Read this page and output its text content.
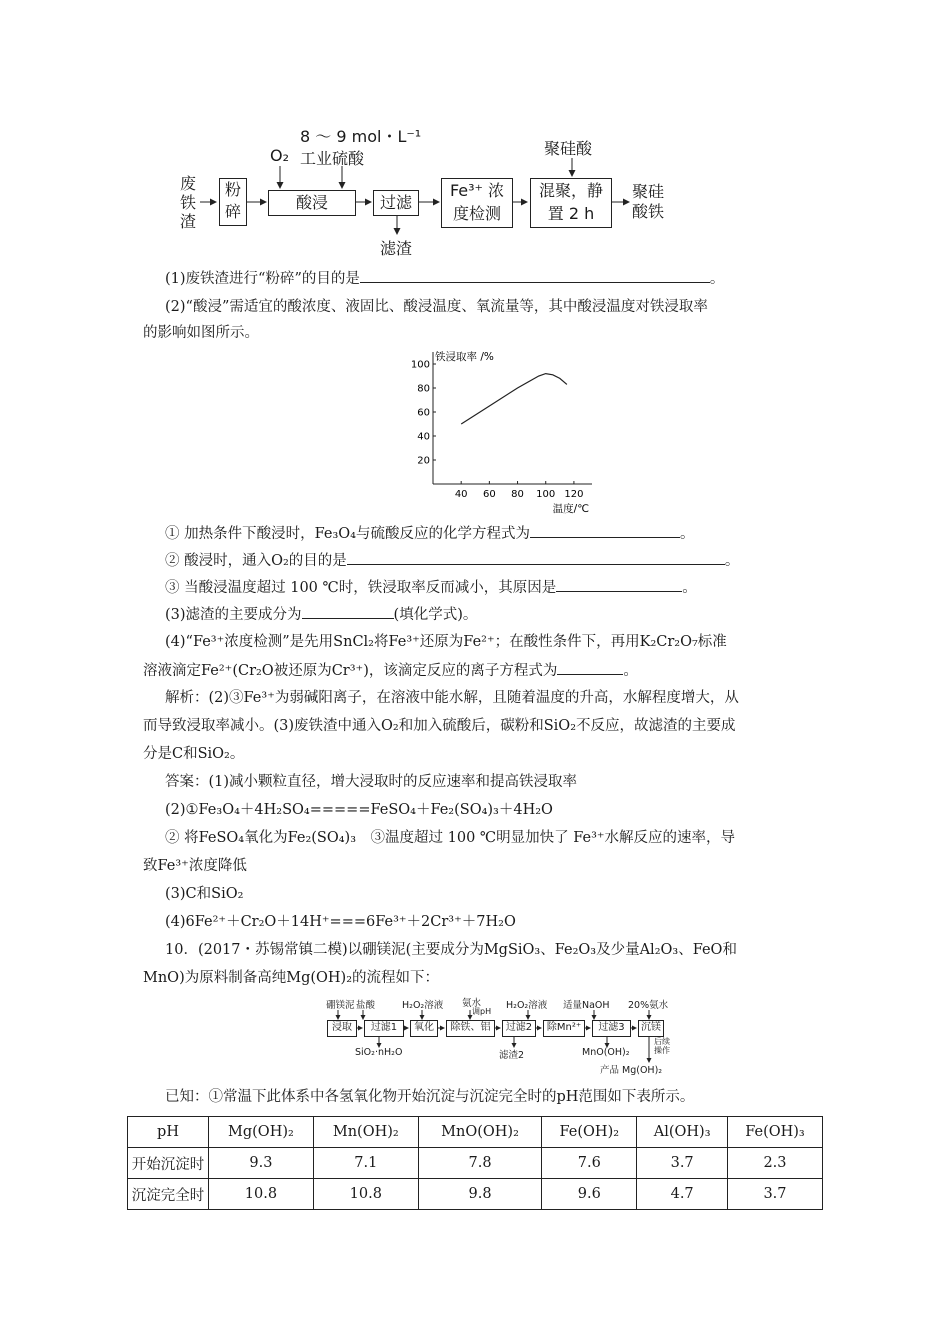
8 ～ 9 mol・L⁻¹
工业硫酸
O₂	聚硅酸
废
铁
渣
粉
碎	酸浸	过滤
滤渣
Fe³⁺ 浓
度检测
混聚，静
置 2 h
聚硅
酸铁
(1)废铁渣进行“粉碎”的目的是	。
(2)“酸浸”需适宜的酸浓度、液固比、酸浸温度、氧流量等，其中酸浸温度对铁浸取率
的影响如图所示。
40 60 80 100 120
20
40
60
80
100
铁浸取率 /%
温度/℃
① 加热条件下酸浸时，Fe₃O₄与硫酸反应的化学方程式为	。
② 酸浸时，通入O₂的目的是	。
③ 当酸浸温度超过 100 ℃时，铁浸取率反而减小，其原因是	。
(3)滤渣的主要成分为	(填化学式)。
(4)“Fe³⁺浓度检测”是先用SnCl₂将Fe³⁺还原为Fe²⁺；在酸性条件下，再用K₂Cr₂O₇标准
溶液滴定Fe²⁺(Cr₂O被还原为Cr³⁺)，该滴定反应的离子方程式为	。
解析：(2)③Fe³⁺为弱碱阳离子，在溶液中能水解，且随着温度的升高，水解程度增大，从
而导致浸取率减小。(3)废铁渣中通入O₂和加入硫酸后，碳粉和SiO₂不反应，故滤渣的主要成
分是C和SiO₂。
答案：(1)减小颗粒直径，增大浸取时的反应速率和提高铁浸取率
(2)①Fe₃O₄＋4H₂SO₄=====FeSO₄＋Fe₂(SO₄)₃＋4H₂O
② 将FeSO₄氧化为Fe₂(SO₄)₃　③温度超过 100 ℃明显加快了 Fe³⁺水解反应的速率，导
致Fe³⁺浓度降低
(3)C和SiO₂
(4)6Fe²⁺＋Cr₂O＋14H⁺===6Fe³⁺＋2Cr³⁺＋7H₂O
10．(2017・苏锡常镇二模)以硼镁泥(主要成分为MgSiO₃、Fe₂O₃及少量Al₂O₃、FeO和
MnO)为原料制备高纯Mg(OH)₂的流程如下：
硼镁泥 盐酸	H₂O₂溶液 氨水
调pH
H₂O₂溶液 适量NaOH 20%氨水
浸取	过滤1	氧化	除铁、铝	过滤2	除Mn²⁺	过滤3	沉镁
SiO₂·nH₂O	滤渣2	MnO(OH)₂
后续
操作
产品 Mg(OH)₂
已知：①常温下此体系中各氢氧化物开始沉淀与沉淀完全时的pH范围如下表所示。
pH	Mg(OH)₂	Mn(OH)₂	MnO(OH)₂	Fe(OH)₂	Al(OH)₃	Fe(OH)₃
开始沉淀时	9.3	7.1	7.8	7.6	3.7	2.3
沉淀完全时	10.8	10.8	9.8	9.6	4.7	3.7
